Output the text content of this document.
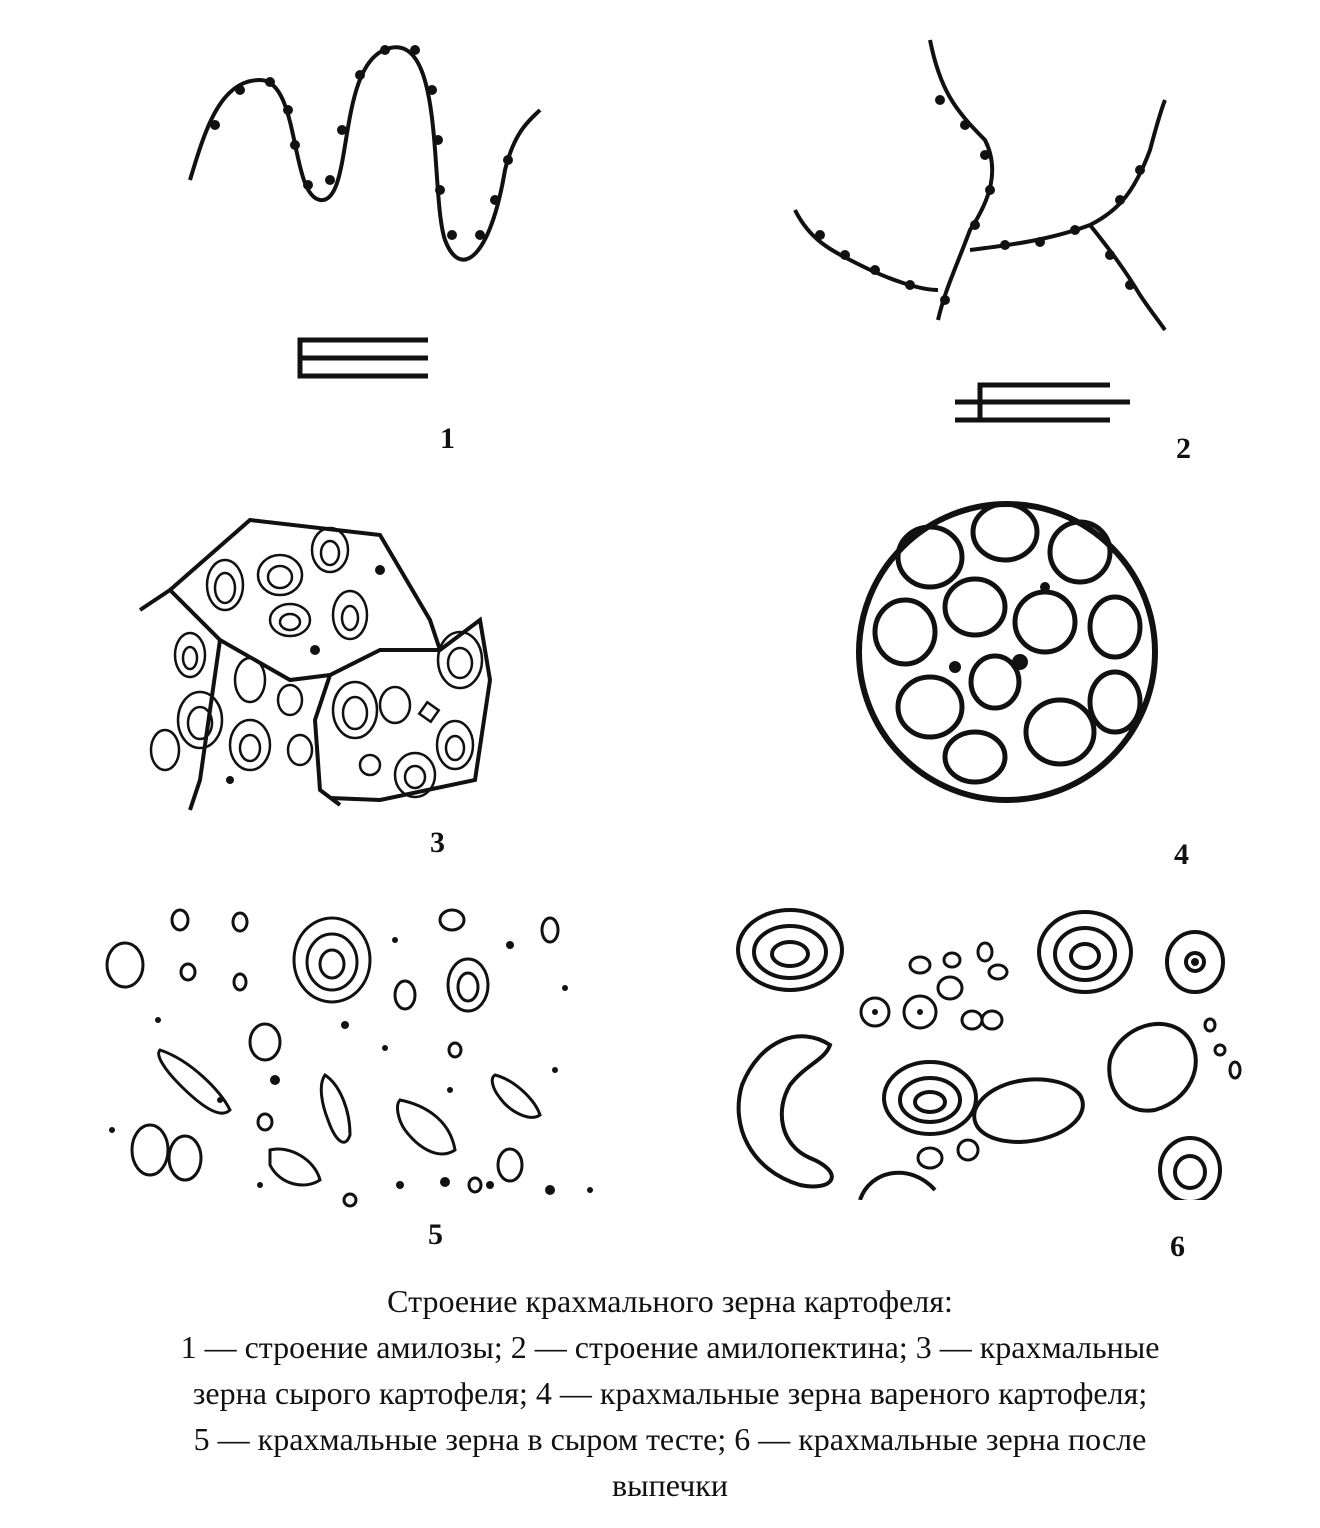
1	2
3	4
5	6
Строение крахмального зерна картофеля:
1 — строение амилозы; 2 — строение амилопектина; 3 — крахмальные
зерна сырого картофеля; 4 — крахмальные зерна вареного картофеля;
5 — крахмальные зерна в сыром тесте; 6 — крахмальные зерна после
выпечки
